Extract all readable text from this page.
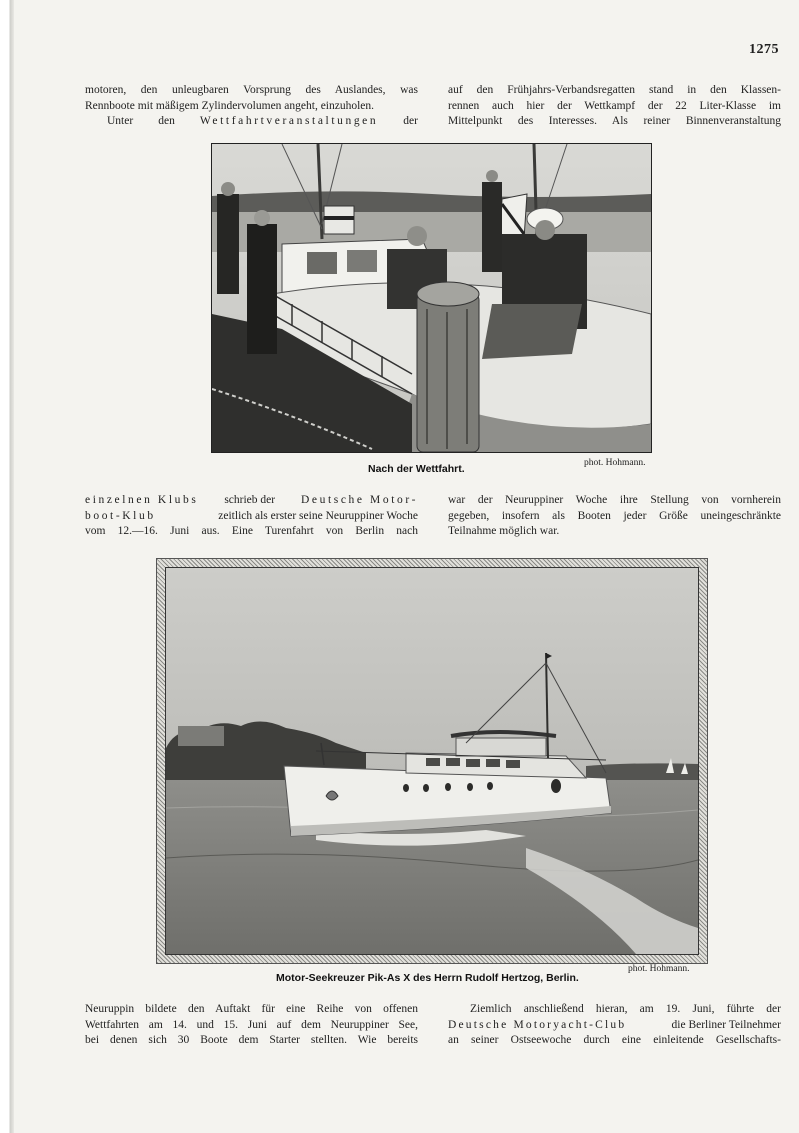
1275
motoren, den unleugbaren Vorsprung des Auslandes, was
Rennboote mit mäßigem Zylindervolumen angeht, einzuholen.
Unter den Wettfahrtveranstaltungen der
auf den Frühjahrs-Verbandsregatten stand in den Klassen-
rennen auch hier der Wettkampf der 22 Liter-Klasse im
Mittelpunkt des Interesses. Als reiner Binnenveranstaltung
Nach der Wettfahrt.	phot. Hohmann.
einzelnen Klubs schrieb der Deutsche Motor-
boot-Klub	zeitlich als erster seine Neuruppiner Woche
vom 12.—16. Juni aus. Eine Turenfahrt von Berlin nach
war der Neuruppiner Woche ihre Stellung von vornherein
gegeben, insofern als Booten jeder Größe uneingeschränkte
Teilnahme möglich war.
Motor-Seekreuzer Pik-As X des Herrn Rudolf Hertzog, Berlin.
phot. Hohmann.
Neuruppin bildete den Auftakt für eine Reihe von offenen
Wettfahrten am 14. und 15. Juni auf dem Neuruppiner See,
bei denen sich 30 Boote dem Starter stellten. Wie bereits
Ziemlich anschließend hieran, am 19. Juni, führte der
Deutsche Motoryacht-Club	die Berliner Teilnehmer
an seiner Ostseewoche durch eine einleitende Gesellschafts-
